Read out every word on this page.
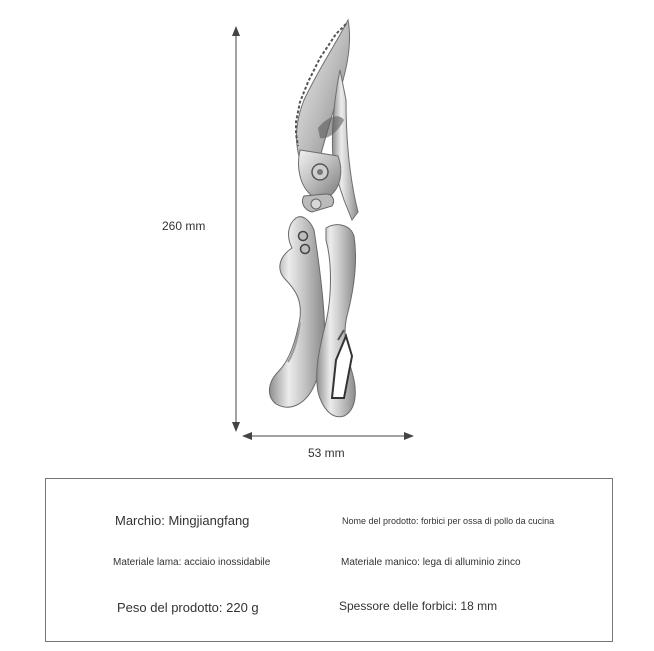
260 mm
53 mm
Marchio: Mingjiangfang	Nome del prodotto: forbici per ossa di pollo da cucina
Materiale lama: acciaio inossidabile	Materiale manico: lega di alluminio zinco
Peso del prodotto: 220 g	Spessore delle forbici: 18 mm
